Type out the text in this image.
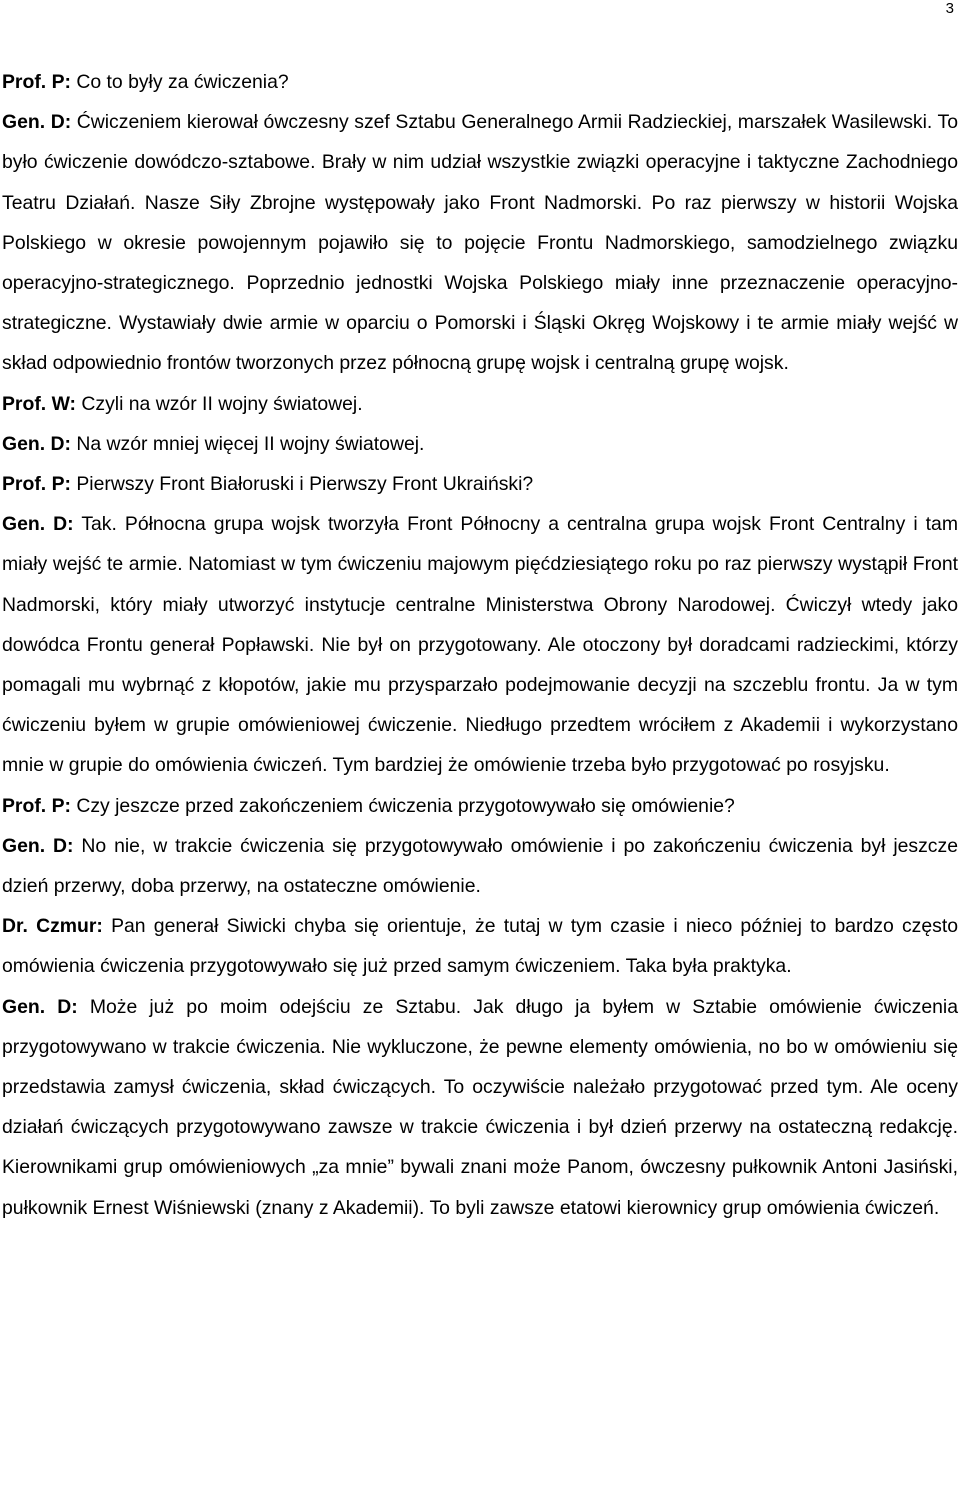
3

Prof. P: Co to były za ćwiczenia?

Gen. D: Ćwiczeniem kierował ówczesny szef Sztabu Generalnego Armii Radzieckiej, marszałek Wasilewski. To było ćwiczenie dowódczo-sztabowe. Brały w nim udział wszystkie związki operacyjne i taktyczne Zachodniego Teatru Działań. Nasze Siły Zbrojne występowały jako Front Nadmorski. Po raz pierwszy w historii Wojska Polskiego w okresie powojennym pojawiło się to pojęcie Frontu Nadmorskiego, samodzielnego związku operacyjno-strategicznego. Poprzednio jednostki Wojska Polskiego miały inne przeznaczenie operacyjno-strategiczne. Wystawiały dwie armie w oparciu o Pomorski i Śląski Okręg Wojskowy i te armie miały wejść w skład odpowiednio frontów tworzonych przez północną grupę wojsk i centralną grupę wojsk.

Prof. W: Czyli na wzór II wojny światowej.

Gen. D: Na wzór mniej więcej II wojny światowej.

Prof. P: Pierwszy Front Białoruski i Pierwszy Front Ukraiński?

Gen. D: Tak. Północna grupa wojsk tworzyła Front Północny a centralna grupa wojsk Front Centralny i tam miały wejść te armie. Natomiast w tym ćwiczeniu majowym pięćdziesiątego roku po raz pierwszy wystąpił Front Nadmorski, który miały utworzyć instytucje centralne Ministerstwa Obrony Narodowej. Ćwiczył wtedy jako dowódca Frontu generał Popławski. Nie był on przygotowany. Ale otoczony był doradcami radzieckimi, którzy pomagali mu wybrnąć z kłopotów, jakie mu przysparzało podejmowanie decyzji na szczeblu frontu. Ja w tym ćwiczeniu byłem w grupie omówieniowej ćwiczenie. Niedługo przedtem wróciłem z Akademii i wykorzystano mnie w grupie do omówienia ćwiczeń. Tym bardziej że omówienie trzeba było przygotować po rosyjsku.

Prof. P: Czy jeszcze przed zakończeniem ćwiczenia przygotowywało się omówienie?

Gen. D: No nie, w trakcie ćwiczenia się przygotowywało omówienie i po zakończeniu ćwiczenia był jeszcze dzień przerwy, doba przerwy, na ostateczne omówienie.

Dr. Czmur: Pan generał Siwicki chyba się orientuje, że tutaj w tym czasie i nieco później to bardzo często omówienia ćwiczenia przygotowywało się już przed samym ćwiczeniem. Taka była praktyka.

Gen. D: Może już po moim odejściu ze Sztabu. Jak długo ja byłem w Sztabie omówienie ćwiczenia przygotowywano w trakcie ćwiczenia. Nie wykluczone, że pewne elementy omówienia, no bo w omówieniu się przedstawia zamysł ćwiczenia, skład ćwiczących. To oczywiście należało przygotować przed tym. Ale oceny działań ćwiczących przygotowywano zawsze w trakcie ćwiczenia i był dzień przerwy na ostateczną redakcję. Kierownikami grup omówieniowych „za mnie” bywali znani może Panom, ówczesny pułkownik Antoni Jasiński, pułkownik Ernest Wiśniewski (znany z Akademii). To byli zawsze etatowi kierownicy grup omówienia ćwiczeń.
